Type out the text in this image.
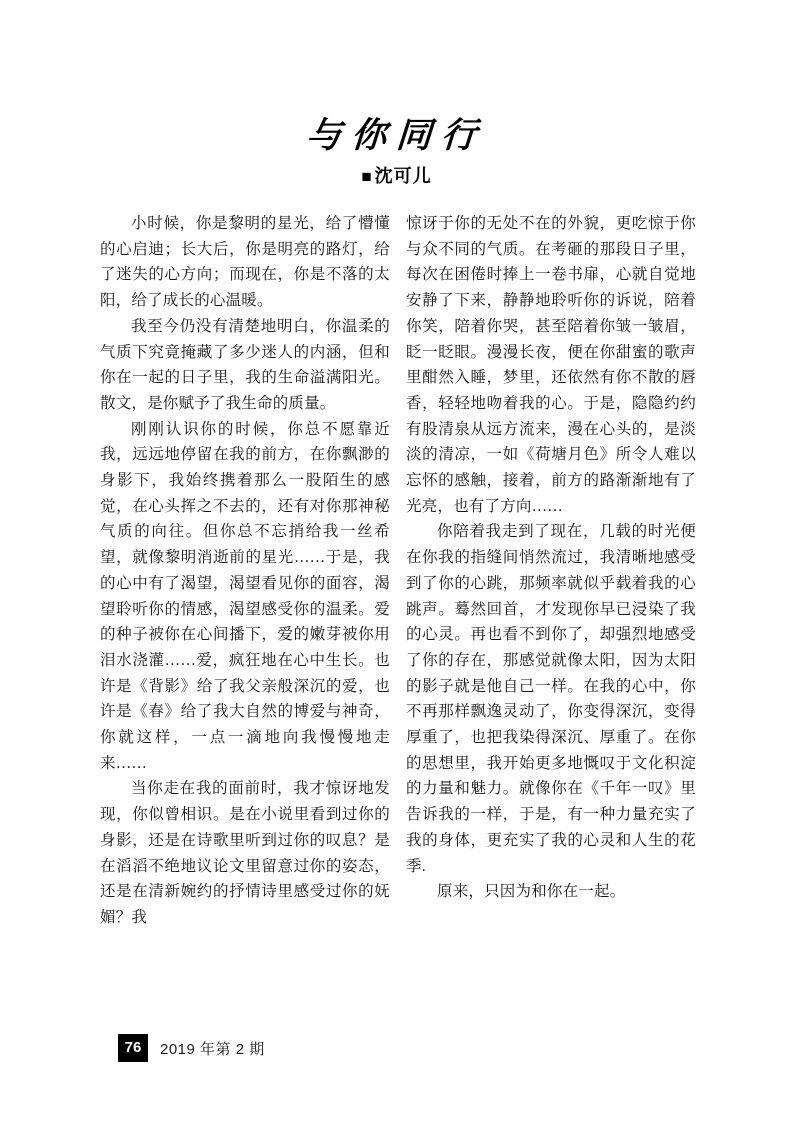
与你同行
■ 沈可儿

小时候，你是黎明的星光，给了懵懂的心启迪；长大后，你是明亮的路灯，给了迷失的心方向；而现在，你是不落的太阳，给了成长的心温暖。

我至今仍没有清楚地明白，你温柔的气质下究竟掩藏了多少迷人的内涵，但和你在一起的日子里，我的生命溢满阳光。散文，是你赋予了我生命的质量。

刚刚认识你的时候，你总不愿靠近我，远远地停留在我的前方，在你飘渺的身影下，我始终携着那么一股陌生的感觉，在心头挥之不去的，还有对你那神秘气质的向往。但你总不忘捎给我一丝希望，就像黎明消逝前的星光……于是，我的心中有了渴望，渴望看见你的面容，渴望聆听你的情感，渴望感受你的温柔。爱的种子被你在心间播下，爱的嫩芽被你用泪水浇灌……爱，疯狂地在心中生长。也许是《背影》给了我父亲般深沉的爱，也许是《春》给了我大自然的博爱与神奇，你就这样，一点一滴地向我慢慢地走来……

当你走在我的面前时，我才惊讶地发现，你似曾相识。是在小说里看到过你的身影，还是在诗歌里听到过你的叹息？是在滔滔不绝地议论文里留意过你的姿态，还是在清新婉约的抒情诗里感受过你的妩媚？我

惊讶于你的无处不在的外貌，更吃惊于你与众不同的气质。在考砸的那段日子里，每次在困倦时捧上一卷书扉，心就自觉地安静了下来，静静地聆听你的诉说，陪着你笑，陪着你哭，甚至陪着你皱一皱眉，眨一眨眼。漫漫长夜，便在你甜蜜的歌声里酣然入睡，梦里，还依然有你不散的唇香，轻轻地吻着我的心。于是，隐隐约约有股清泉从远方流来，漫在心头的，是淡淡的清凉，一如《荷塘月色》所令人难以忘怀的感触，接着，前方的路渐渐地有了光亮，也有了方向……

你陪着我走到了现在，几载的时光便在你我的指缝间悄然流过，我清晰地感受到了你的心跳，那频率就似乎载着我的心跳声。蓦然回首，才发现你早已浸染了我的心灵。再也看不到你了，却强烈地感受了你的存在，那感觉就像太阳，因为太阳的影子就是他自己一样。在我的心中，你不再那样飘逸灵动了，你变得深沉，变得厚重了，也把我染得深沉、厚重了。在你的思想里，我开始更多地慨叹于文化积淀的力量和魅力。就像你在《千年一叹》里告诉我的一样，于是，有一种力量充实了我的身体，更充实了我的心灵和人生的花季.

原来，只因为和你在一起。

76	2019 年第 2 期
